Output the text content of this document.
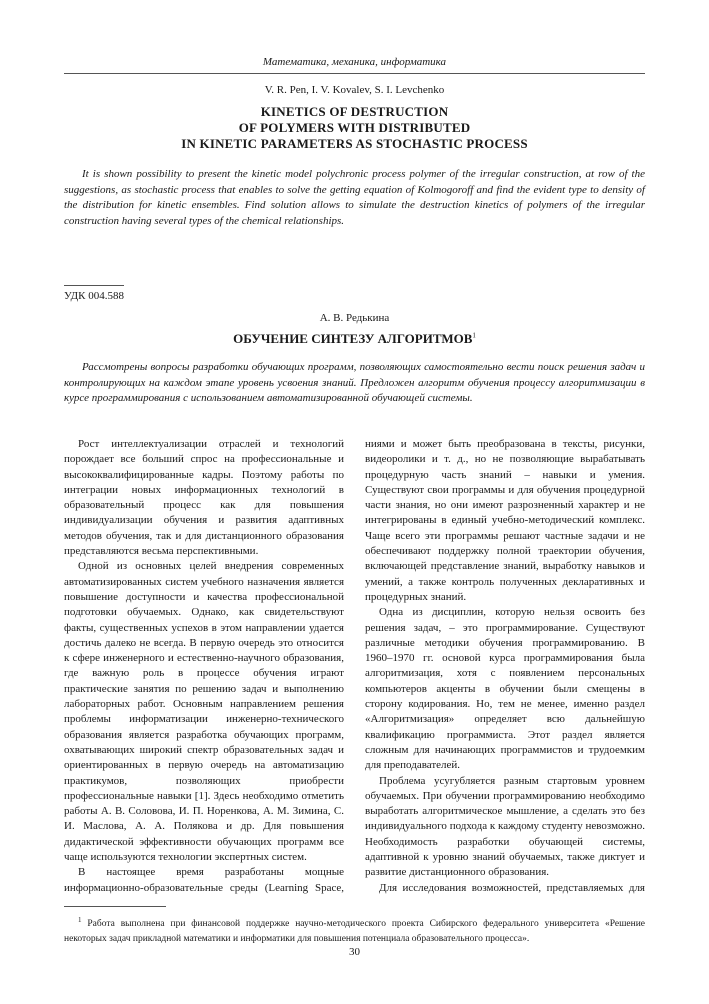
Математика, механика, информатика
V. R. Pen, I. V. Kovalev, S. I. Levchenko
KINETICS OF DESTRUCTION
OF POLYMERS WITH DISTRIBUTED
IN KINETIC PARAMETERS AS STOCHASTIC PROCESS
It is shown possibility to present the kinetic model polychronic process polymer of the irregular construction, at row of the suggestions, as stochastic process that enables to solve the getting equation of Kolmogoroff and find the evident type to density of the distribution for kinetic ensembles. Find solution allows to simulate the destruction kinetics of polymers of the irregular construction having several types of the chemical relationships.
УДК 004.588
А. В. Редькина
ОБУЧЕНИЕ СИНТЕЗУ АЛГОРИТМОВ$^1$
Рассмотрены вопросы разработки обучающих программ, позволяющих самостоятельно вести поиск решения задач и контролирующих на каждом этапе уровень усвоения знаний. Предложен алгоритм обучения процессу алгоритмизации в курсе программирования с использованием автоматизированной обучающей системы.

Рост интеллектуализации отраслей и технологий порождает все больший спрос на профессиональные и высококвалифицированные кадры. Поэтому работы по интеграции новых информационных технологий в образовательный процесс как для повышения индивидуализации обучения и развития адаптивных методов обучения, так и для дистанционного образования представляются весьма перспективными.

Одной из основных целей внедрения современных автоматизированных систем учебного назначения является повышение доступности и качества профессиональной подготовки обучаемых. Однако, как свидетельствуют факты, существенных успехов в этом направлении удается достичь далеко не всегда. В первую очередь это относится к сфере инженерного и естественно-научного образования, где важную роль в процессе обучения играют практические занятия по решению задач и выполнению лабораторных работ. Основным направлением решения проблемы информатизации инженерно-технического образования является разработка обучающих программ, охватывающих широкий спектр образовательных задач и ориентированных в первую очередь на автоматизацию практикумов, позволяющих приобрести профессиональные навыки [1]. Здесь необходимо отметить работы А. В. Соловова, И. П. Норенкова, А. М. Зимина, С. И. Маслова, А. А. Полякова и др. Для повышения дидактической эффективности обучающих программ все чаще используются технологии экспертных систем.

В настоящее время разработаны мощные информационно-образовательные среды (Learning Space,

ниями и может быть преобразована в тексты, рисунки, видеоролики и т. д., но не позволяющие вырабатывать процедурную часть знаний – навыки и умения. Существуют свои программы и для обучения процедурной части знания, но они имеют разрозненный характер и не интегрированы в единый учебно-методический комплекс. Чаще всего эти программы решают частные задачи и не обеспечивают поддержку полной траектории обучения, включающей представление знаний, выработку навыков и умений, а также контроль полученных декларативных и процедурных знаний.

Одна из дисциплин, которую нельзя освоить без решения задач, – это программирование. Существуют различные методики обучения программированию. В 1960–1970 гг. основой курса программирования была алгоритмизация, хотя с появлением персональных компьютеров акценты в обучении были смещены в сторону кодирования. Но, тем не менее, именно раздел «Алгоритмизация» определяет всю дальнейшую квалификацию программиста. Этот раздел является сложным для начинающих программистов и трудоемким для преподавателей.

Проблема усугубляется разным стартовым уровнем обучаемых. При обучении программированию необходимо выработать алгоритмическое мышление, а сделать это без индивидуального подхода к каждому студенту невозможно. Необходимость разработки обучающей системы, адаптивной к уровню знаний обучаемых, также диктует и развитие дистанционного образования.

Для исследования возможностей, представляемых для

$^1$ Работа выполнена при финансовой поддержке научно-методического проекта Сибирского федерального университета «Решение некоторых задач прикладной математики и информатики для повышения потенциала образовательного процесса».
30
